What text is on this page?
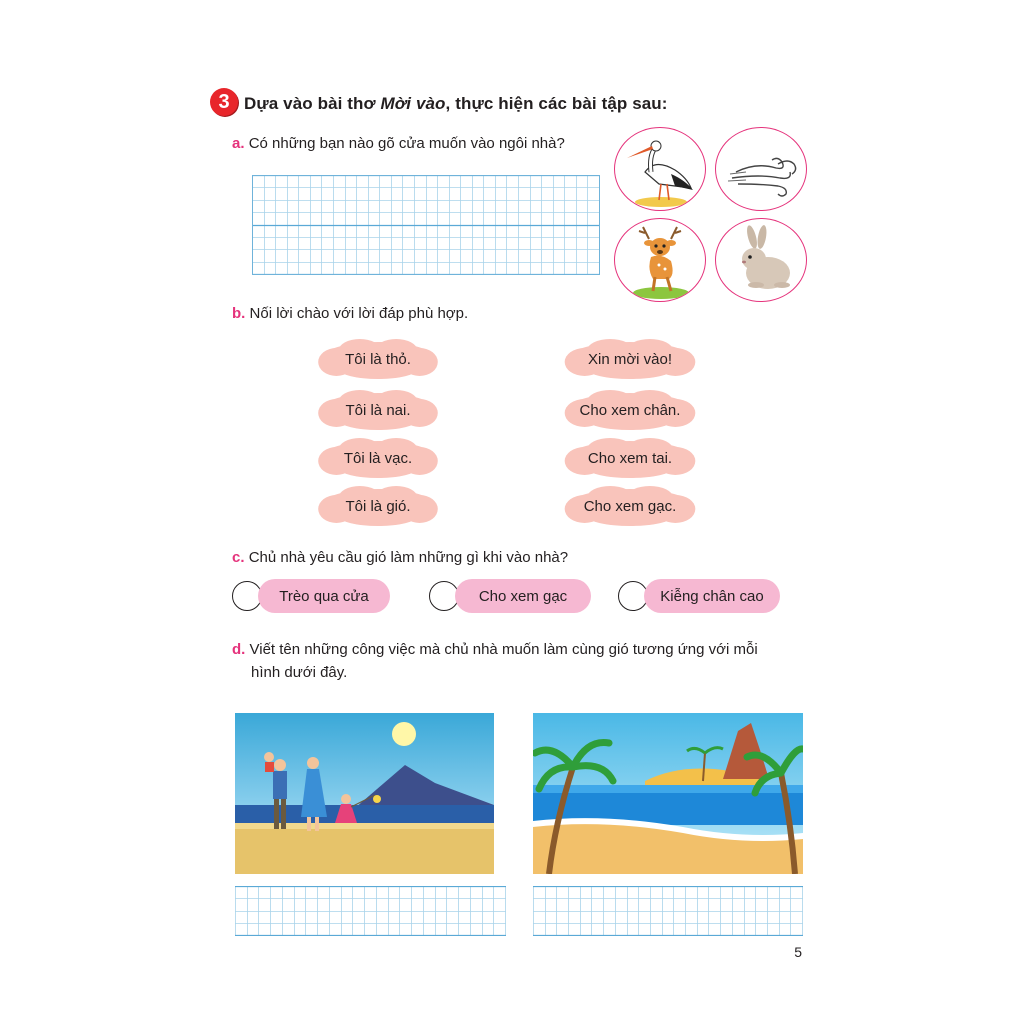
3 Dựa vào bài thơ Mời vào, thực hiện các bài tập sau:
a. Có những bạn nào gõ cửa muốn vào ngôi nhà?
b. Nối lời chào với lời đáp phù hợp.
Tôi là thỏ.
Tôi là nai.
Tôi là vạc.
Tôi là gió.
Xin mời vào!
Cho xem chân.
Cho xem tai.
Cho xem gạc.
c. Chủ nhà yêu cầu gió làm những gì khi vào nhà?
Trèo qua cửa	Cho xem gạc	Kiễng chân cao
d. Viết tên những công việc mà chủ nhà muốn làm cùng gió tương ứng với mỗi
hình dưới đây.
5
